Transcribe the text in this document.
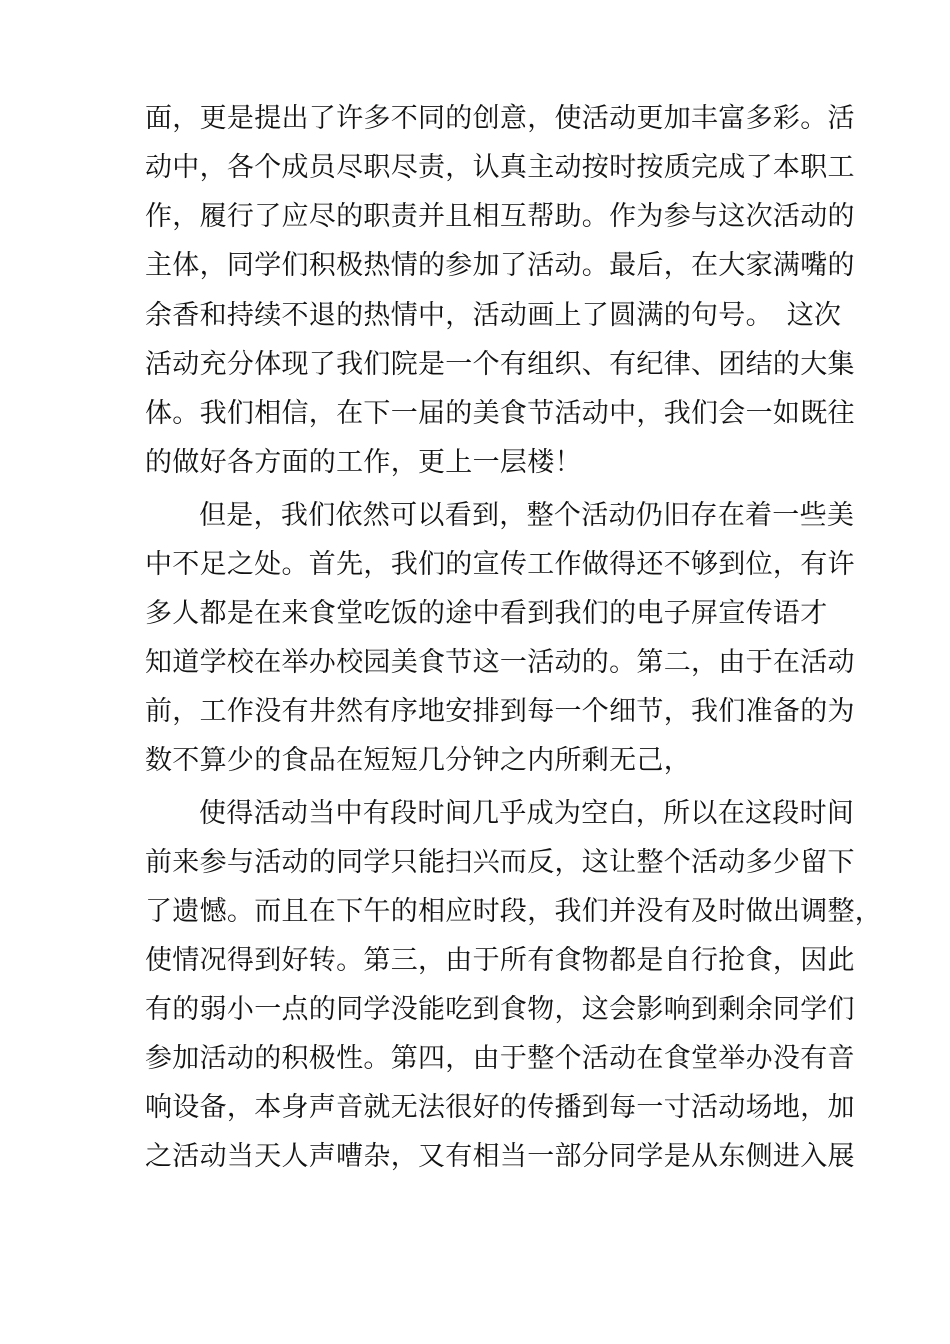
面，更是提出了许多不同的创意，使活动更加丰富多彩。活
动中，各个成员尽职尽责，认真主动按时按质完成了本职工
作，履行了应尽的职责并且相互帮助。作为参与这次活动的
主体，同学们积极热情的参加了活动。最后，在大家满嘴的
余香和持续不退的热情中，活动画上了圆满的句号。　这次
活动充分体现了我们院是一个有组织、有纪律、团结的大集
体。我们相信，在下一届的美食节活动中，我们会一如既往
的做好各方面的工作，更上一层楼！
但是，我们依然可以看到，整个活动仍旧存在着一些美
中不足之处。首先，我们的宣传工作做得还不够到位，有许
多人都是在来食堂吃饭的途中看到我们的电子屏宣传语才
知道学校在举办校园美食节这一活动的。第二，由于在活动
前，工作没有井然有序地安排到每一个细节，我们准备的为
数不算少的食品在短短几分钟之内所剩无己，
使得活动当中有段时间几乎成为空白，所以在这段时间
前来参与活动的同学只能扫兴而反，这让整个活动多少留下
了遗憾。而且在下午的相应时段，我们并没有及时做出调整，
使情况得到好转。第三，由于所有食物都是自行抢食，因此
有的弱小一点的同学没能吃到食物，这会影响到剩余同学们
参加活动的积极性。第四，由于整个活动在食堂举办没有音
响设备，本身声音就无法很好的传播到每一寸活动场地，加
之活动当天人声嘈杂，又有相当一部分同学是从东侧进入展
